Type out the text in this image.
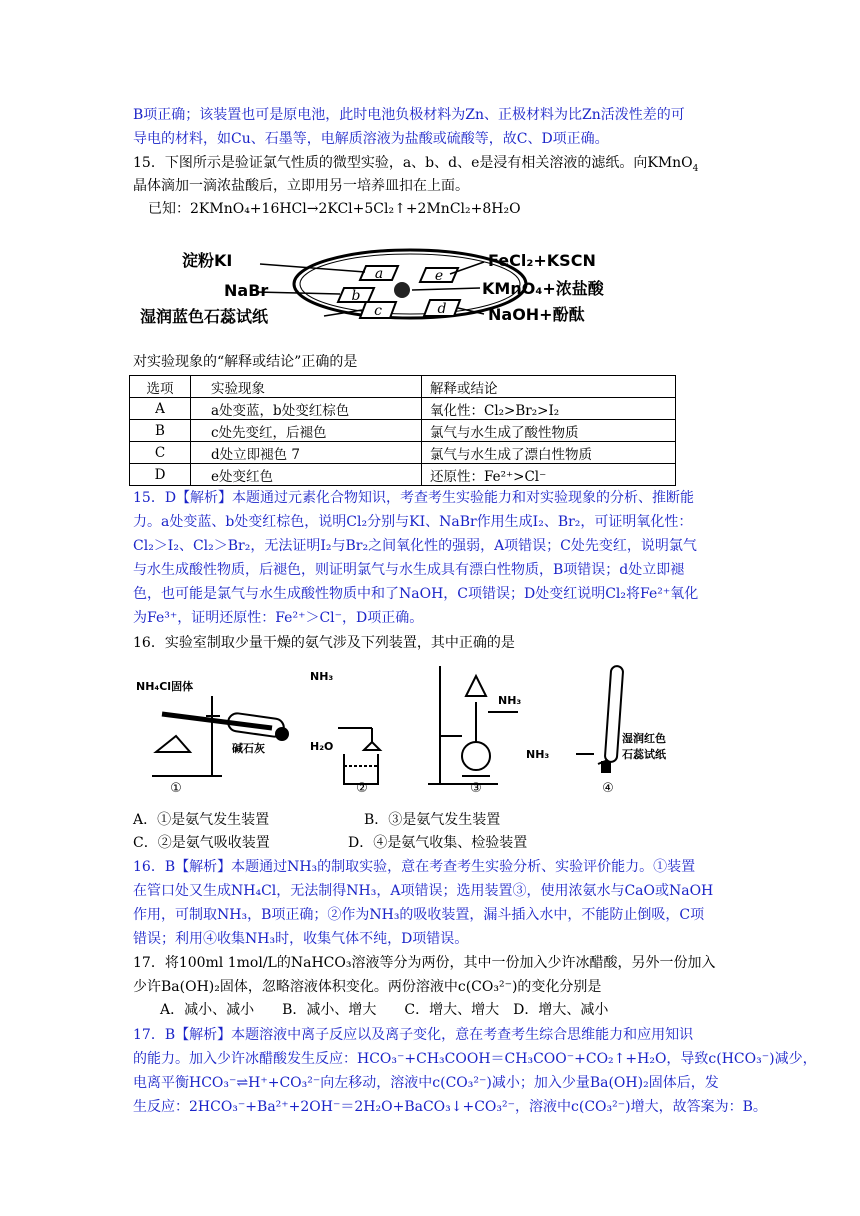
B项正确；该装置也可是原电池，此时电池负极材料为Zn、正极材料为比Zn活泼性差的可
导电的材料，如Cu、石墨等，电解质溶液为盐酸或硫酸等，故C、D项正确。
15．下图所示是验证氯气性质的微型实验，a、b、d、e是浸有相关溶液的滤纸。向KMnO$_4$
晶体滴加一滴浓盐酸后，立即用另一培养皿扣在上面。
已知：2KMnO₄+16HCl→2KCl+5Cl₂↑+2MnCl₂+8H₂O
a	e
b
c	d
淀粉KI
NaBr
湿润蓝色石蕊试纸
FeCl₂+KSCN
KMnO₄+浓盐酸
NaOH+酚酞
对实验现象的“解释或结论”正确的是
选项	实验现象	解释或结论
A	a处变蓝，b处变红棕色	氧化性：Cl₂>Br₂>I₂
B	c处先变红，后褪色	氯气与水生成了酸性物质
C	d处立即褪色 7	氯气与水生成了漂白性物质
D	e处变红色	还原性：Fe²⁺>Cl⁻
15．D【解析】本题通过元素化合物知识，考查考生实验能力和对实验现象的分析、推断能
力。a处变蓝、b处变红棕色，说明Cl₂分别与KI、NaBr作用生成I₂、Br₂，可证明氧化性：
Cl₂＞I₂、Cl₂＞Br₂，无法证明I₂与Br₂之间氧化性的强弱，A项错误；C处先变红，说明氯气
与水生成酸性物质，后褪色，则证明氯气与水生成具有漂白性物质，B项错误；d处立即褪
色，也可能是氯气与水生成酸性物质中和了NaOH，C项错误；D处变红说明Cl₂将Fe²⁺氧化
为Fe³⁺，证明还原性：Fe²⁺＞Cl⁻，D项正确。
16．实验室制取少量干燥的氨气涉及下列装置，其中正确的是
NH₄Cl固体
碱石灰
NH₃
H₂O
NH₃
NH₃
湿润红色
石蕊试纸
①	②	③	④
A．①是氨气发生装置	B．③是氨气发生装置
C．②是氨气吸收装置	D．④是氨气收集、检验装置
16．B【解析】本题通过NH₃的制取实验，意在考查考生实验分析、实验评价能力。①装置
在管口处又生成NH₄Cl，无法制得NH₃，A项错误；选用装置③，使用浓氨水与CaO或NaOH
作用，可制取NH₃，B项正确；②作为NH₃的吸收装置，漏斗插入水中，不能防止倒吸，C项
错误；利用④收集NH₃时，收集气体不纯，D项错误。
17．将100ml 1mol/L的NaHCO₃溶液等分为两份，其中一份加入少许冰醋酸，另外一份加入
少许Ba(OH)₂固体，忽略溶液体积变化。两份溶液中c(CO₃²⁻)的变化分别是
A．减小、减小　　B．减小、增大　　C．增大、增大　D．增大、减小
17．B【解析】本题溶液中离子反应以及离子变化，意在考查考生综合思维能力和应用知识
的能力。加入少许冰醋酸发生反应：HCO₃⁻+CH₃COOH＝CH₃COO⁻+CO₂↑+H₂O，导致c(HCO₃⁻)减少，
电离平衡HCO₃⁻⇌H⁺+CO₃²⁻向左移动，溶液中c(CO₃²⁻)减小；加入少量Ba(OH)₂固体后，发
生反应：2HCO₃⁻+Ba²⁺+2OH⁻＝2H₂O+BaCO₃↓+CO₃²⁻，溶液中c(CO₃²⁻)增大，故答案为：B。
